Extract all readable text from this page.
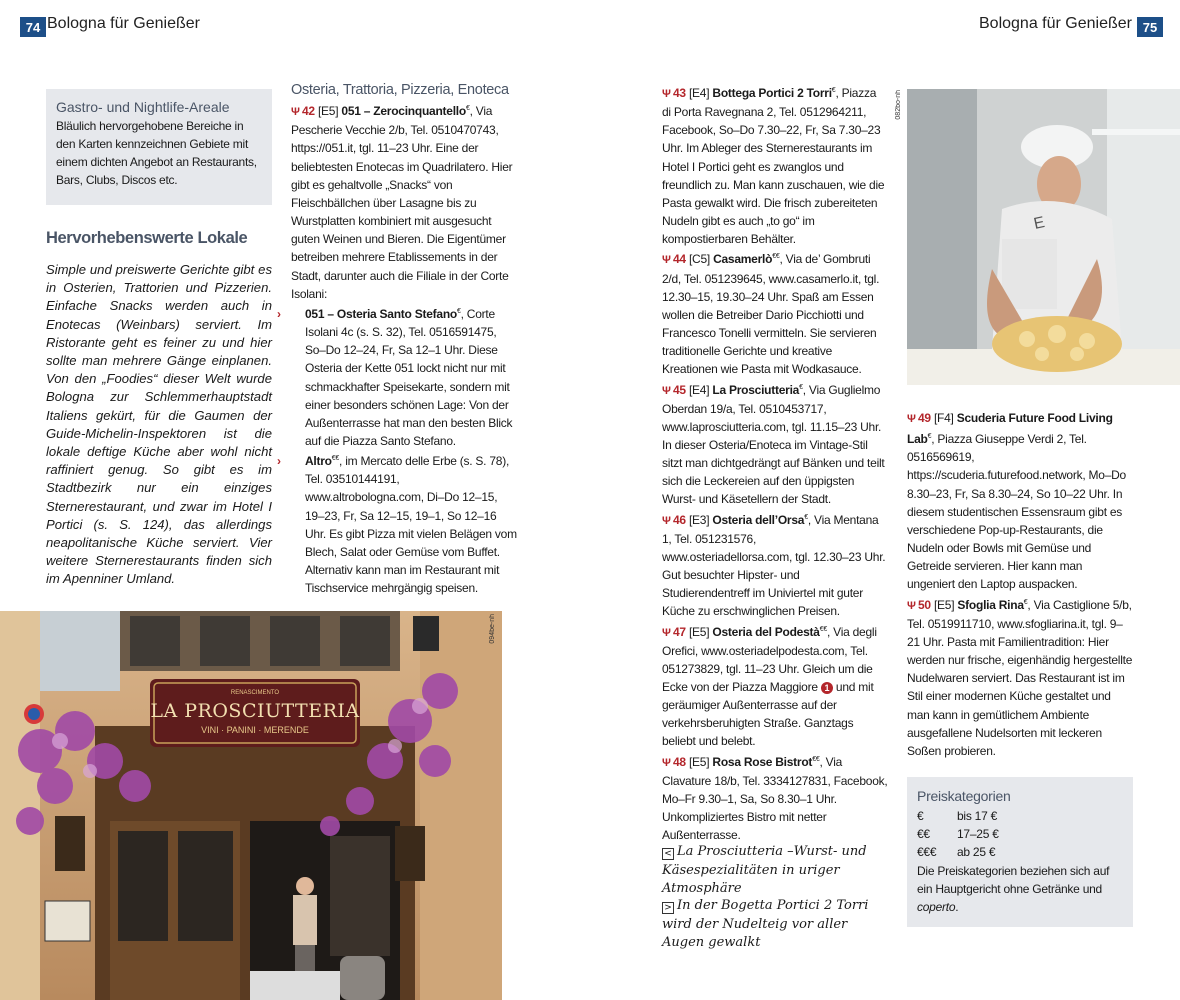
74 Bologna für Genießer	Bologna für Genießer 75
Gastro- und Nightlife-Areale
Bläulich hervorgehobene Bereiche in den Karten kennzeichnen Gebiete mit einem dichten Angebot an Restaurants, Bars, Clubs, Discos etc.
Hervorhebenswerte Lokale
Simple und preiswerte Gerichte gibt es in Osterien, Trattorien und Pizzerien. Einfache Snacks werden auch in Enotecas (Weinbars) serviert. Im Ristorante geht es feiner zu und hier sollte man mehrere Gänge einplanen. Von den „Foodies“ dieser Welt wurde Bologna zur Schlemmerhauptstadt Italiens gekürt, für die Gaumen der Guide-Michelin-Inspektoren ist die lokale deftige Küche aber wohl nicht raffiniert genug. So gibt es im Stadtbezirk nur ein einziges Sternerestaurant, und zwar im Hotel I Portici (s. S. 124), das allerdings neapolitanische Küche serviert. Vier weitere Sternerestaurants finden sich im Apenniner Umland.
Osteria, Trattoria, Pizzeria, Enoteca

Ψ 42 [E5] 051 – Zerocinquantello€, Via Pescherie Vecchie 2/b, Tel. 0510470743, https://051.it, tgl. 11–23 Uhr. Eine der beliebtesten Enotecas im Quadrilatero. Hier gibt es gehaltvolle „Snacks“ von Fleischbällchen über Lasagne bis zu Wurstplatten kombiniert mit ausgesucht guten Weinen und Bieren. Die Eigentümer betreiben mehrere Etablissements in der Stadt, darunter auch die Filiale in der Corte Isolani:

› 051 – Osteria Santo Stefano€, Corte Isolani 4c (s. S. 32), Tel. 0516591475, So–Do 12–24, Fr, Sa 12–1 Uhr. Diese Osteria der Kette 051 lockt nicht nur mit schmackhafter Speisekarte, sondern mit einer besonders schönen Lage: Von der Außenterrasse hat man den besten Blick auf die Piazza Santo Stefano.

› Altro€€, im Mercato delle Erbe (s. S. 78), Tel. 03510144191, www.altrobologna.com, Di–Do 12–15, 19–23, Fr, Sa 12–15, 19–1, So 12–16 Uhr. Es gibt Pizza mit vielen Belägen vom Blech, Salat oder Gemüse vom Buffet. Alternativ kann man im Restaurant mit Tischservice mehrgängig speisen.

RENASCIMENTO
LA PROSCIUTTERIA
VINI · PANINI · MERENDE
094be-nh

Ψ 43 [E4] Bottega Portici 2 Torri€, Piazza di Porta Ravegnana 2, Tel. 0512964211, Facebook, So–Do 7.30–22, Fr, Sa 7.30–23 Uhr. Im Ableger des Sternerestaurants im Hotel I Portici geht es zwanglos und freundlich zu. Man kann zuschauen, wie die Pasta gewalkt wird. Die frisch zubereiteten Nudeln gibt es auch „to go“ im kompostierbaren Behälter.

Ψ 44 [C5] Casamerlò€€, Via de’ Gombruti 2/d, Tel. 051239645, www.casamerlo.it, tgl. 12.30–15, 19.30–24 Uhr. Spaß am Essen wollen die Betreiber Dario Picchiotti und Francesco Tonelli vermitteln. Sie servieren traditionelle Gerichte und kreative Kreationen wie Pasta mit Wodkasauce.

Ψ 45 [E4] La Prosciutteria€, Via Guglielmo Oberdan 19/a, Tel. 0510453717, www.laprosciutteria.com, tgl. 11.15–23 Uhr. In dieser Osteria/Enoteca im Vintage-Stil sitzt man dichtgedrängt auf Bänken und teilt sich die Leckereien auf den üppigsten Wurst- und Käsetellern der Stadt.

Ψ 46 [E3] Osteria dell’Orsa€, Via Mentana 1, Tel. 051231576, www.osteriadellorsa.com, tgl. 12.30–23 Uhr. Gut besuchter Hipster- und Studierendentreff im Univiertel mit guter Küche zu erschwinglichen Preisen.

Ψ 47 [E5] Osteria del Podestà€€, Via degli Orefici, www.osteriadelpodesta.com, Tel. 051273829, tgl. 11–23 Uhr. Gleich um die Ecke von der Piazza Maggiore 1 und mit geräumiger Außenterrasse auf der verkehrsberuhigten Straße. Ganztags beliebt und belebt.

Ψ 48 [E5] Rosa Rose Bistrot€€, Via Clavature 18/b, Tel. 3334127831, Facebook, Mo–Fr 9.30–1, Sa, So 8.30–1 Uhr. Unkompliziertes Bistro mit netter Außenterrasse.

< La Prosciutteria –Wurst- und Käsespezialitäten in uriger Atmosphäre
> In der Bogetta Portici 2 Torri wird der Nudelteig vor aller Augen gewalkt
E
082bo-nh

Ψ 49 [F4] Scuderia Future Food Living Lab€, Piazza Giuseppe Verdi 2, Tel. 0516569619, https://scuderia.futurefood.network, Mo–Do 8.30–23, Fr, Sa 8.30–24, So 10–22 Uhr. In diesem studentischen Essensraum gibt es verschiedene Pop-up-Restaurants, die Nudeln oder Bowls mit Gemüse und Getreide servieren. Hier kann man ungeniert den Laptop auspacken.

Ψ 50 [E5] Sfoglia Rina€, Via Castiglione 5/b, Tel. 0519911710, www.sfogliarina.it, tgl. 9–21 Uhr. Pasta mit Familientradition: Hier werden nur frische, eigenhändig hergestellte Nudelwaren serviert. Das Restaurant ist im Stil einer modernen Küche gestaltet und man kann in gemütlichem Ambiente ausgefallene Nudelsorten mit leckeren Soßen probieren.

Preiskategorien
€	bis 17 €
€€	17–25 €
€€€	ab 25 €
Die Preiskategorien beziehen sich auf ein Hauptgericht ohne Getränke und coperto.
